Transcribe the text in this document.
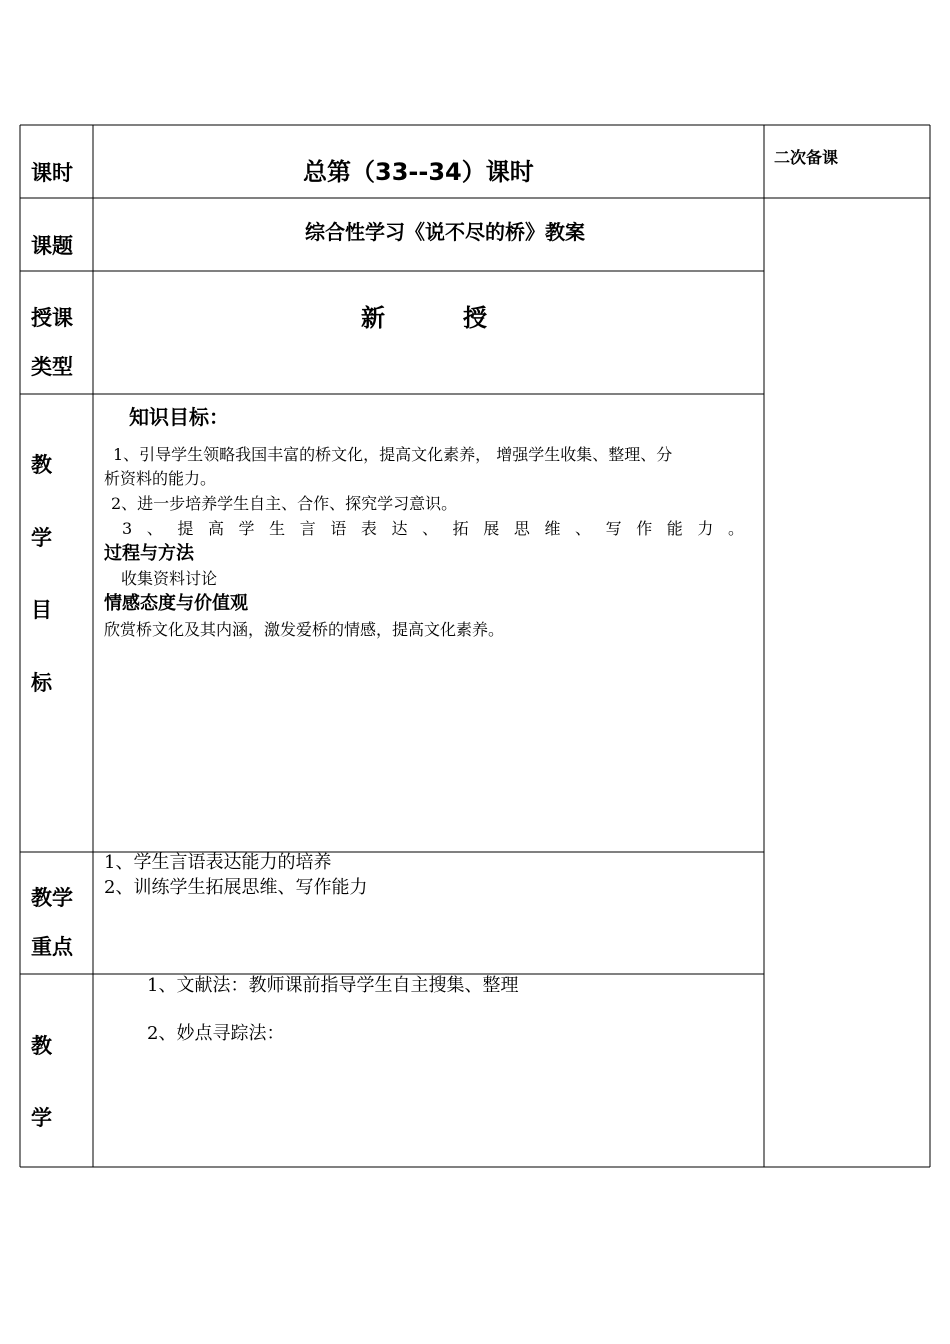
课时	总第（33--34）课时
二次备课
课题
综合性学习《说不尽的桥》教案
授课
类型
新	授
教
学
目
标
知识目标：
1、引导学生领略我国丰富的桥文化，提高文化素养， 增强学生收集、整理、分
析资料的能力。
2、进一步培养学生自主、合作、探究学习意识。
3、提高学生言语表达、拓展思维、写作能力。
过程与方法
收集资料讨论
情感态度与价值观
欣赏桥文化及其内涵，激发爱桥的情感，提高文化素养。
教学
重点
1、学生言语表达能力的培养
2、训练学生拓展思维、写作能力
教
学
1、文献法：教师课前指导学生自主搜集、整理
2、妙点寻踪法：
